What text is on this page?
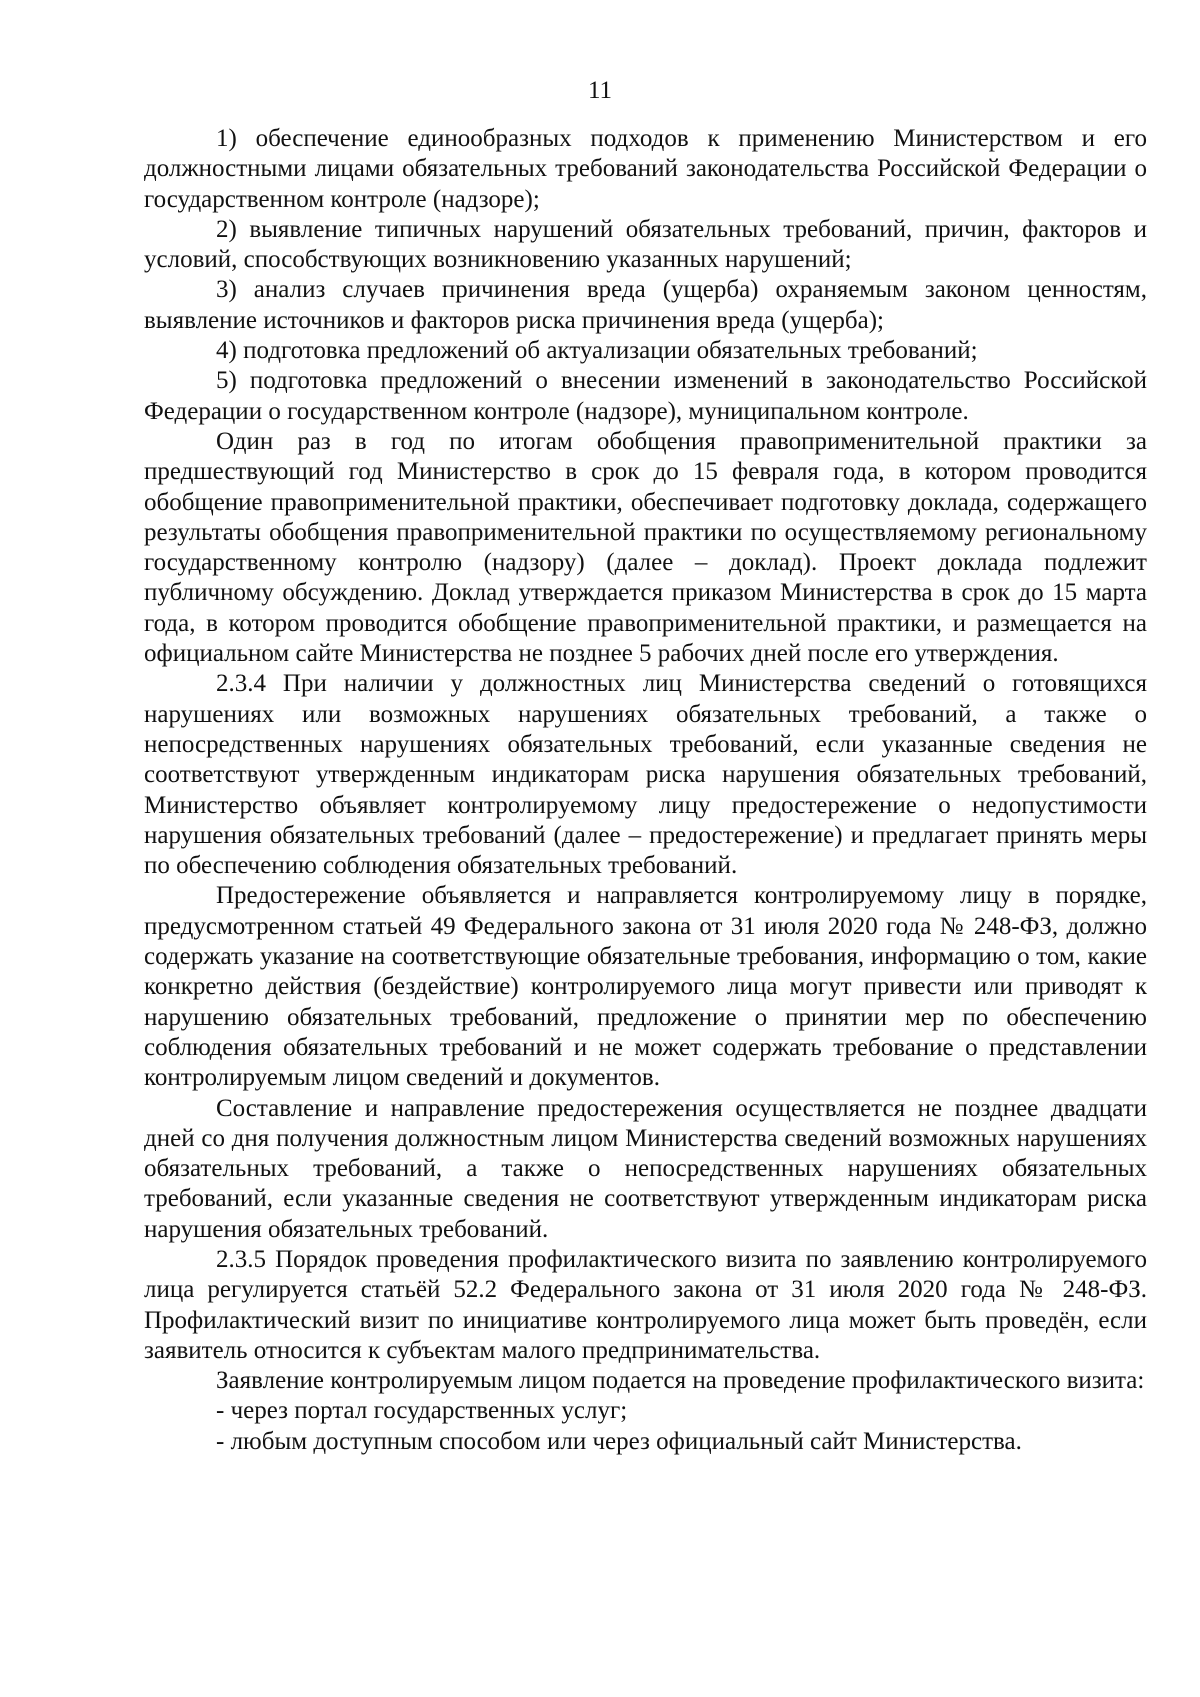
11

1) обеспечение единообразных подходов к применению Министерством и его должностными лицами обязательных требований законодательства Российской Федерации о государственном контроле (надзоре);

2) выявление типичных нарушений обязательных требований, причин, факторов и условий, способствующих возникновению указанных нарушений;

3) анализ случаев причинения вреда (ущерба) охраняемым законом ценностям, выявление источников и факторов риска причинения вреда (ущерба);

4) подготовка предложений об актуализации обязательных требований;

5) подготовка предложений о внесении изменений в законодательство Российской Федерации о государственном контроле (надзоре), муниципальном контроле.

Один раз в год по итогам обобщения правоприменительной практики за предшествующий год Министерство в срок до 15 февраля года, в котором проводится обобщение правоприменительной практики, обеспечивает подготовку доклада, содержащего результаты обобщения правоприменительной практики по осуществляемому региональному государственному контролю (надзору) (далее – доклад). Проект доклада подлежит публичному обсуждению. Доклад утверждается приказом Министерства в срок до 15 марта года, в котором проводится обобщение правоприменительной практики, и размещается на официальном сайте Министерства не позднее 5 рабочих дней после его утверждения.

2.3.4 При наличии у должностных лиц Министерства сведений о готовящихся нарушениях или возможных нарушениях обязательных требований, а также о непосредственных нарушениях обязательных требований, если указанные сведения не соответствуют утвержденным индикаторам риска нарушения обязательных требований, Министерство объявляет контролируемому лицу предостережение о недопустимости нарушения обязательных требований (далее – предостережение) и предлагает принять меры по обеспечению соблюдения обязательных требований.

Предостережение объявляется и направляется контролируемому лицу в порядке, предусмотренном статьей 49 Федерального закона от 31 июля 2020 года № 248-ФЗ, должно содержать указание на соответствующие обязательные требования, информацию о том, какие конкретно действия (бездействие) контролируемого лица могут привести или приводят к нарушению обязательных требований, предложение о принятии мер по обеспечению соблюдения обязательных требований и не может содержать требование о представлении контролируемым лицом сведений и документов.

Составление и направление предостережения осуществляется не позднее двадцати дней со дня получения должностным лицом Министерства сведений возможных нарушениях обязательных требований, а также о непосредственных нарушениях обязательных требований, если указанные сведения не соответствуют утвержденным индикаторам риска нарушения обязательных требований.

2.3.5 Порядок проведения профилактического визита по заявлению контролируемого лица регулируется статьёй 52.2 Федерального закона от 31 июля 2020 года № 248-ФЗ. Профилактический визит по инициативе контролируемого лица может быть проведён, если заявитель относится к субъектам малого предпринимательства.

Заявление контролируемым лицом подается на проведение профилактического визита:

- через портал государственных услуг;

- любым доступным способом или через официальный сайт Министерства.
